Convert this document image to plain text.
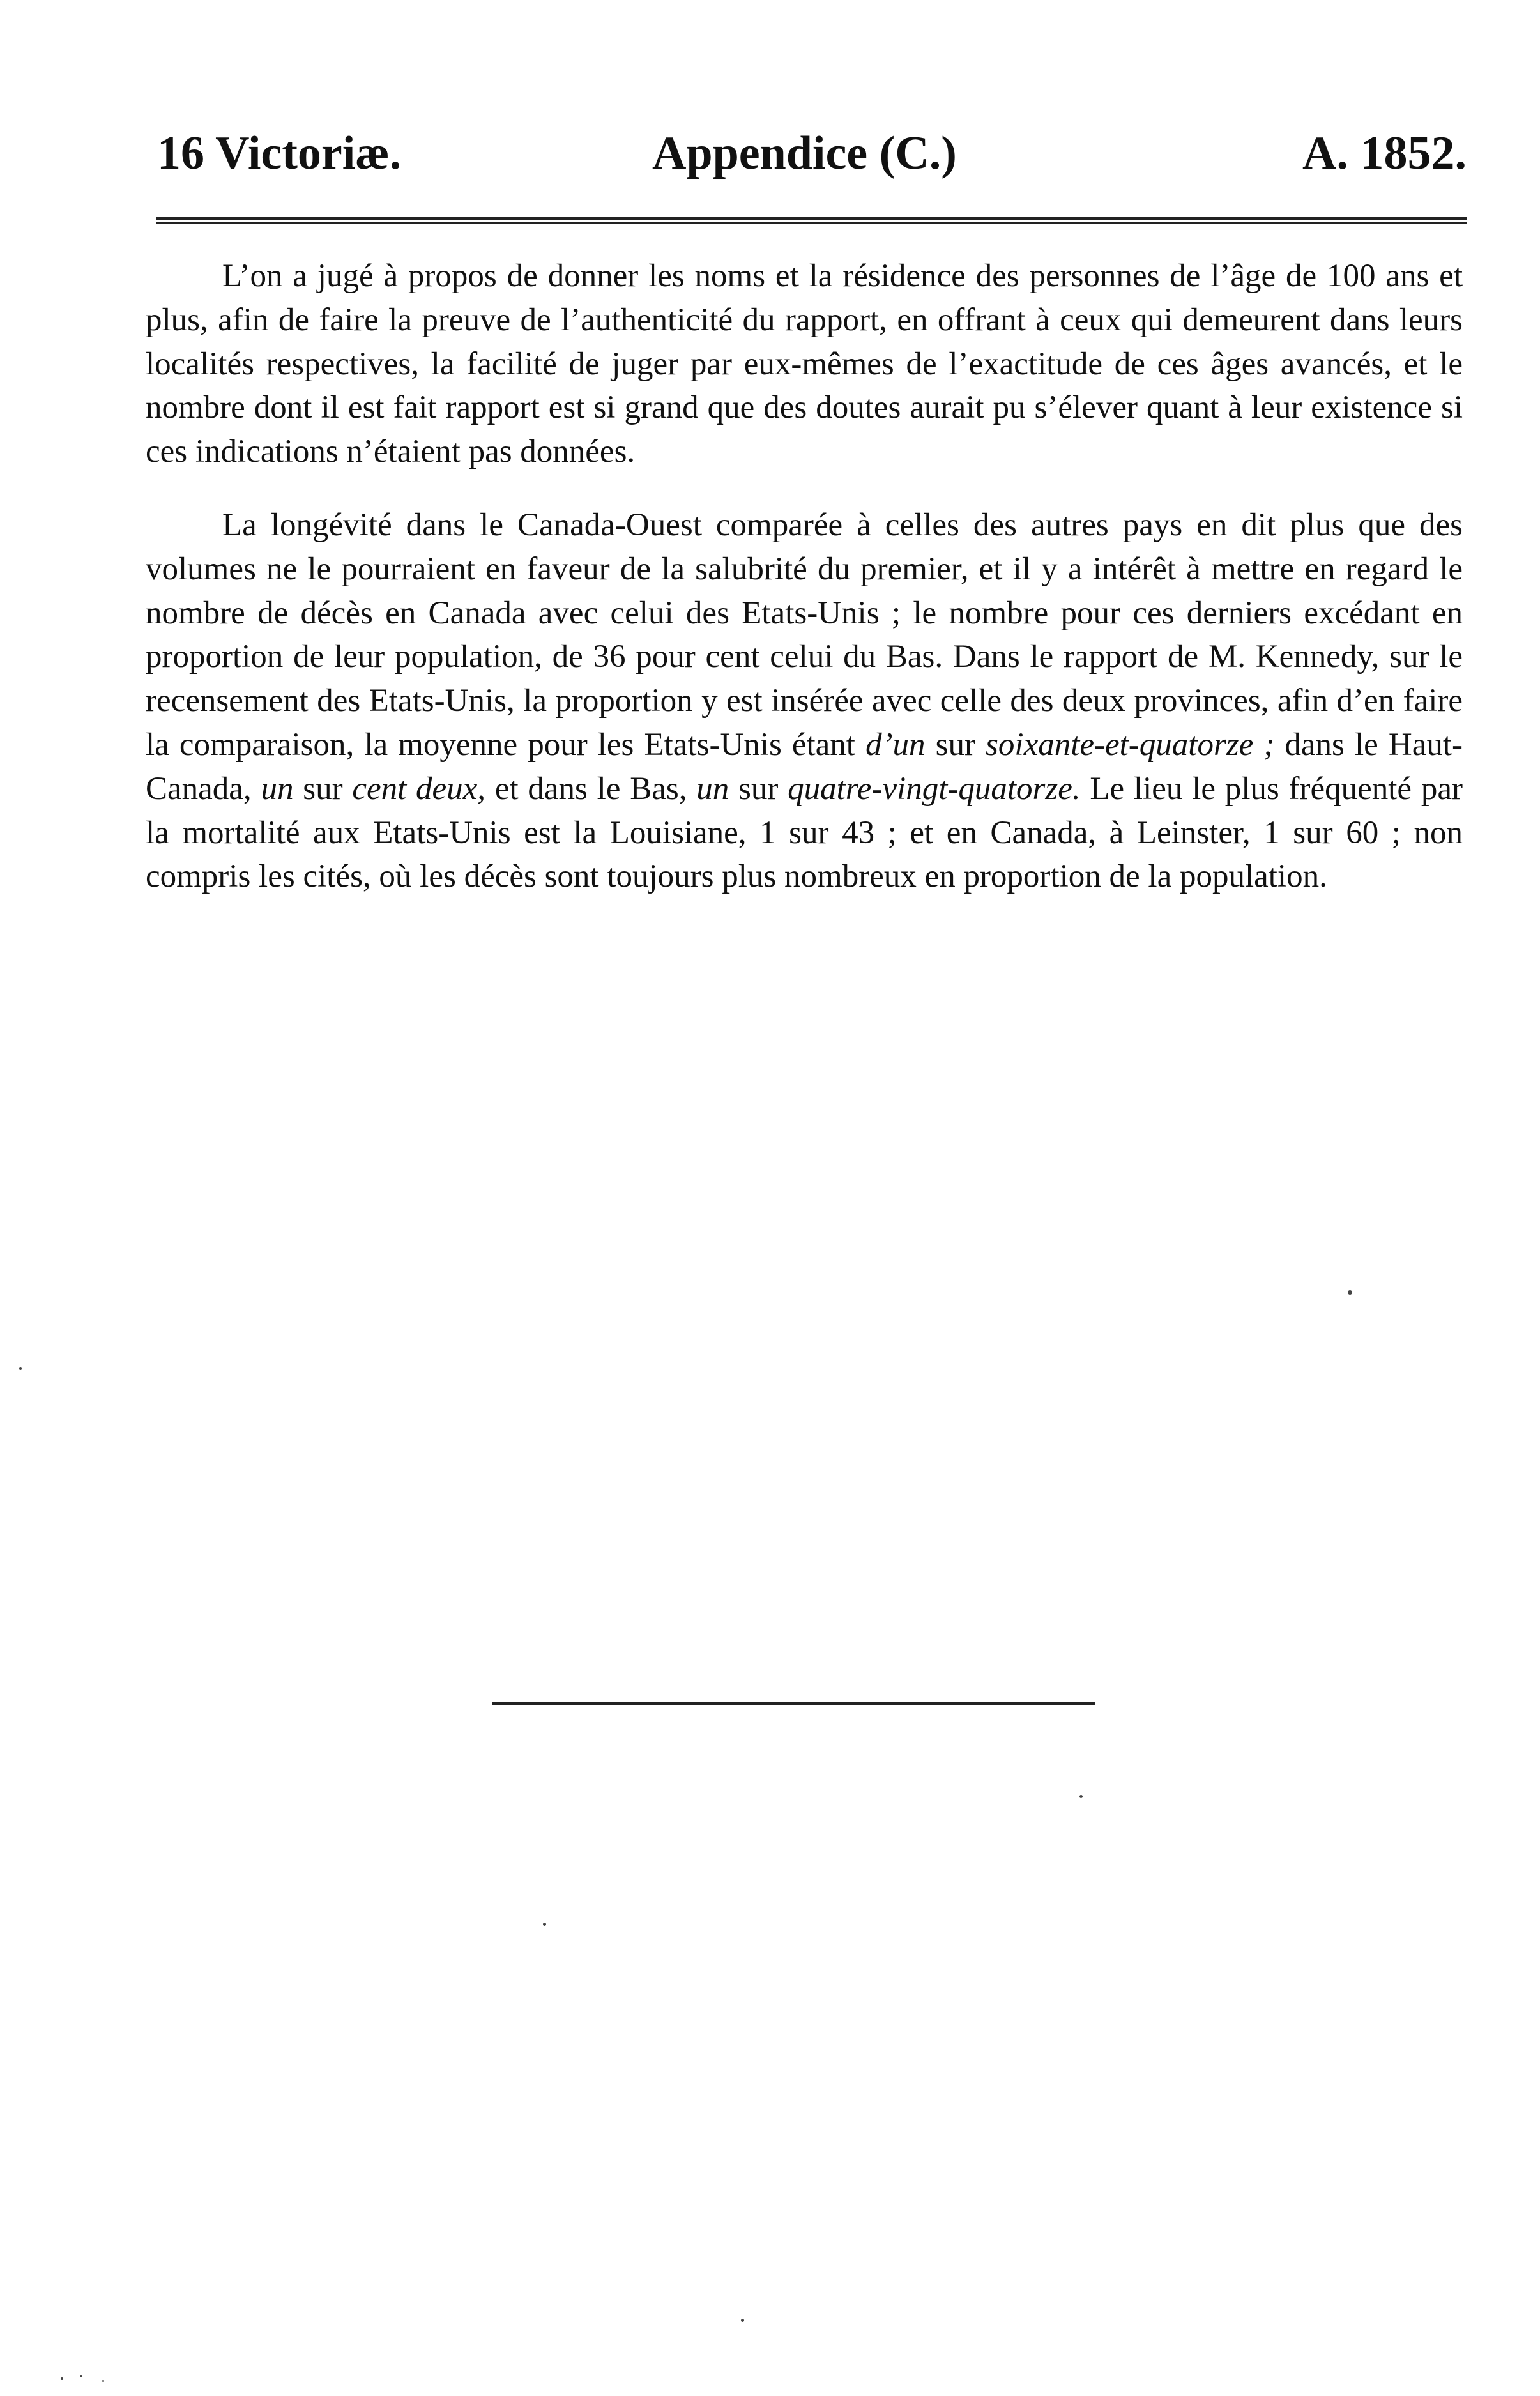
16 Victoriæ.	Appendice (C.)	A. 1852.

L’on a jugé à propos de donner les noms et la résidence des personnes de l’âge de 100 ans et plus, afin de faire la preuve de l’authenticité du rapport, en offrant à ceux qui demeurent dans leurs localités respectives, la facilité de juger par eux-mêmes de l’exactitude de ces âges avancés, et le nombre dont il est fait rapport est si grand que des doutes aurait pu s’élever quant à leur existence si ces indications n’étaient pas données.

La longévité dans le Canada-Ouest comparée à celles des autres pays en dit plus que des volumes ne le pourraient en faveur de la salubrité du premier, et il y a intérêt à mettre en regard le nombre de décès en Canada avec celui des Etats-Unis ; le nombre pour ces derniers excédant en proportion de leur population, de 36 pour cent celui du Bas. Dans le rapport de M. Kennedy, sur le recensement des Etats-Unis, la proportion y est insérée avec celle des deux provinces, afin d’en faire la comparaison, la moyenne pour les Etats-Unis étant d’un sur soixante-et-quatorze ; dans le Haut-Canada, un sur cent deux, et dans le Bas, un sur quatre-vingt-quatorze. Le lieu le plus fréquenté par la mortalité aux Etats-Unis est la Louisiane, 1 sur 43 ; et en Canada, à Leinster, 1 sur 60 ; non compris les cités, où les décès sont toujours plus nombreux en proportion de la population.
